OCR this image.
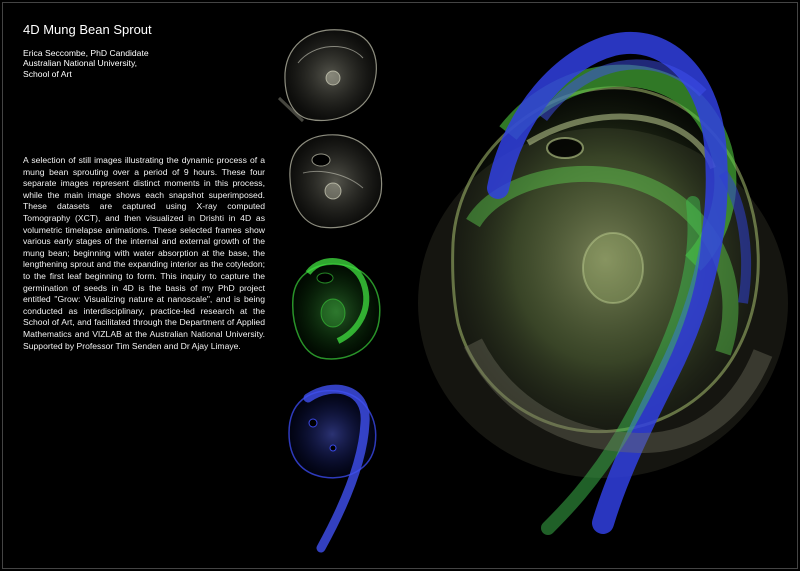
4D Mung Bean Sprout
Erica Seccombe, PhD Candidate
Australian National University,
School of Art

A selection of still images illustrating the dynamic process of a mung bean sprouting over a period of 9 hours. These four separate images represent distinct moments in this process, while the main image shows each snapshot superimposed. These datasets are captured using X-ray computed Tomography (XCT), and then visualized in Drishti in 4D as volumetric timelapse animations. These selected frames show various early stages of the internal and external growth of the mung bean; beginning with water absorption at the base, the lengthening sprout and the expanding interior as the cotyledon; to the first leaf beginning to form. This inquiry to capture the germination of seeds in 4D is the basis of my PhD project entitled "Grow: Visualizing nature at nanoscale", and is being conducted as interdisciplinary, practice-led research at the School of Art, and facilitated through the Department of Applied Mathematics and VIZLAB at the Australian National University. Supported by Professor Tim Senden and Dr Ajay Limaye.
